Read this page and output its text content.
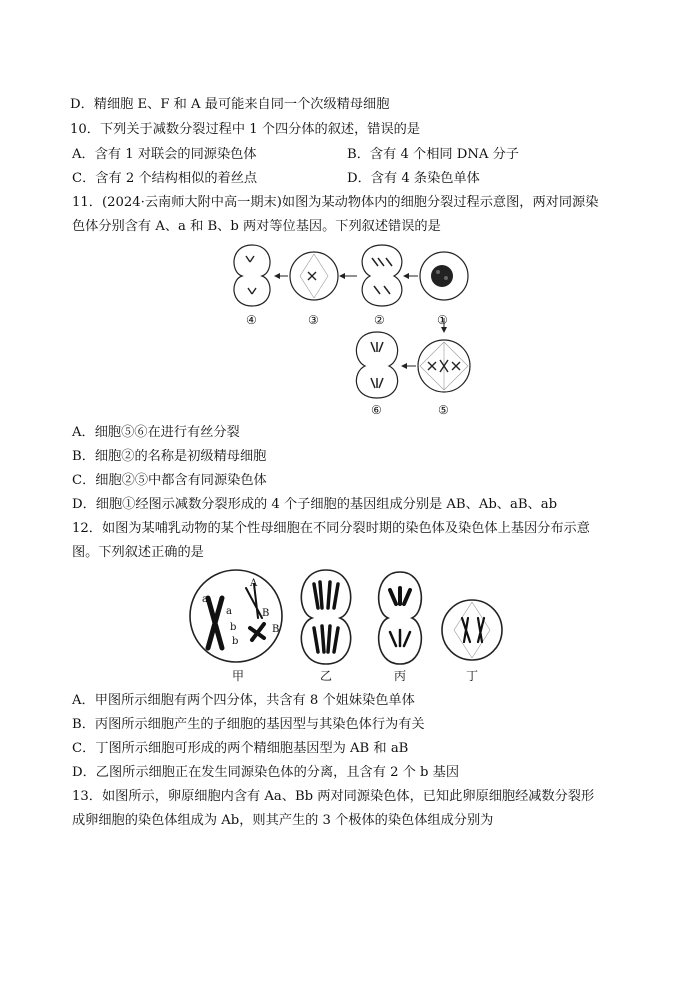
D．精细胞 E、F 和 A 最可能来自同一个次级精母细胞
10．下列关于减数分裂过程中 1 个四分体的叙述，错误的是
A．含有 1 对联会的同源染色体	B．含有 4 个相同 DNA 分子
C．含有 2 个结构相似的着丝点	D．含有 4 条染色单体
11．(2024·云南师大附中高一期末)如图为某动物体内的细胞分裂过程示意图，两对同源染
色体分别含有 A、a 和 B、b 两对等位基因。下列叙述错误的是
④	③	②	①
⑥	⑤
A．细胞⑤⑥在进行有丝分裂
B．细胞②的名称是初级精母细胞
C．细胞②⑤中都含有同源染色体
D．细胞①经图示减数分裂形成的 4 个子细胞的基因组成分别是 AB、Ab、aB、ab
12．如图为某哺乳动物的某个性母细胞在不同分裂时期的染色体及染色体上基因分布示意
图。下列叙述正确的是
A
a
a	B
B
b
b
甲	乙	丙	丁
A．甲图所示细胞有两个四分体，共含有 8 个姐妹染色单体
B．丙图所示细胞产生的子细胞的基因型与其染色体行为有关
C．丁图所示细胞可形成的两个精细胞基因型为 AB 和 aB
D．乙图所示细胞正在发生同源染色体的分离，且含有 2 个 b 基因
13．如图所示，卵原细胞内含有 Aa、Bb 两对同源染色体，已知此卵原细胞经减数分裂形
成卵细胞的染色体组成为 Ab，则其产生的 3 个极体的染色体组成分别为
